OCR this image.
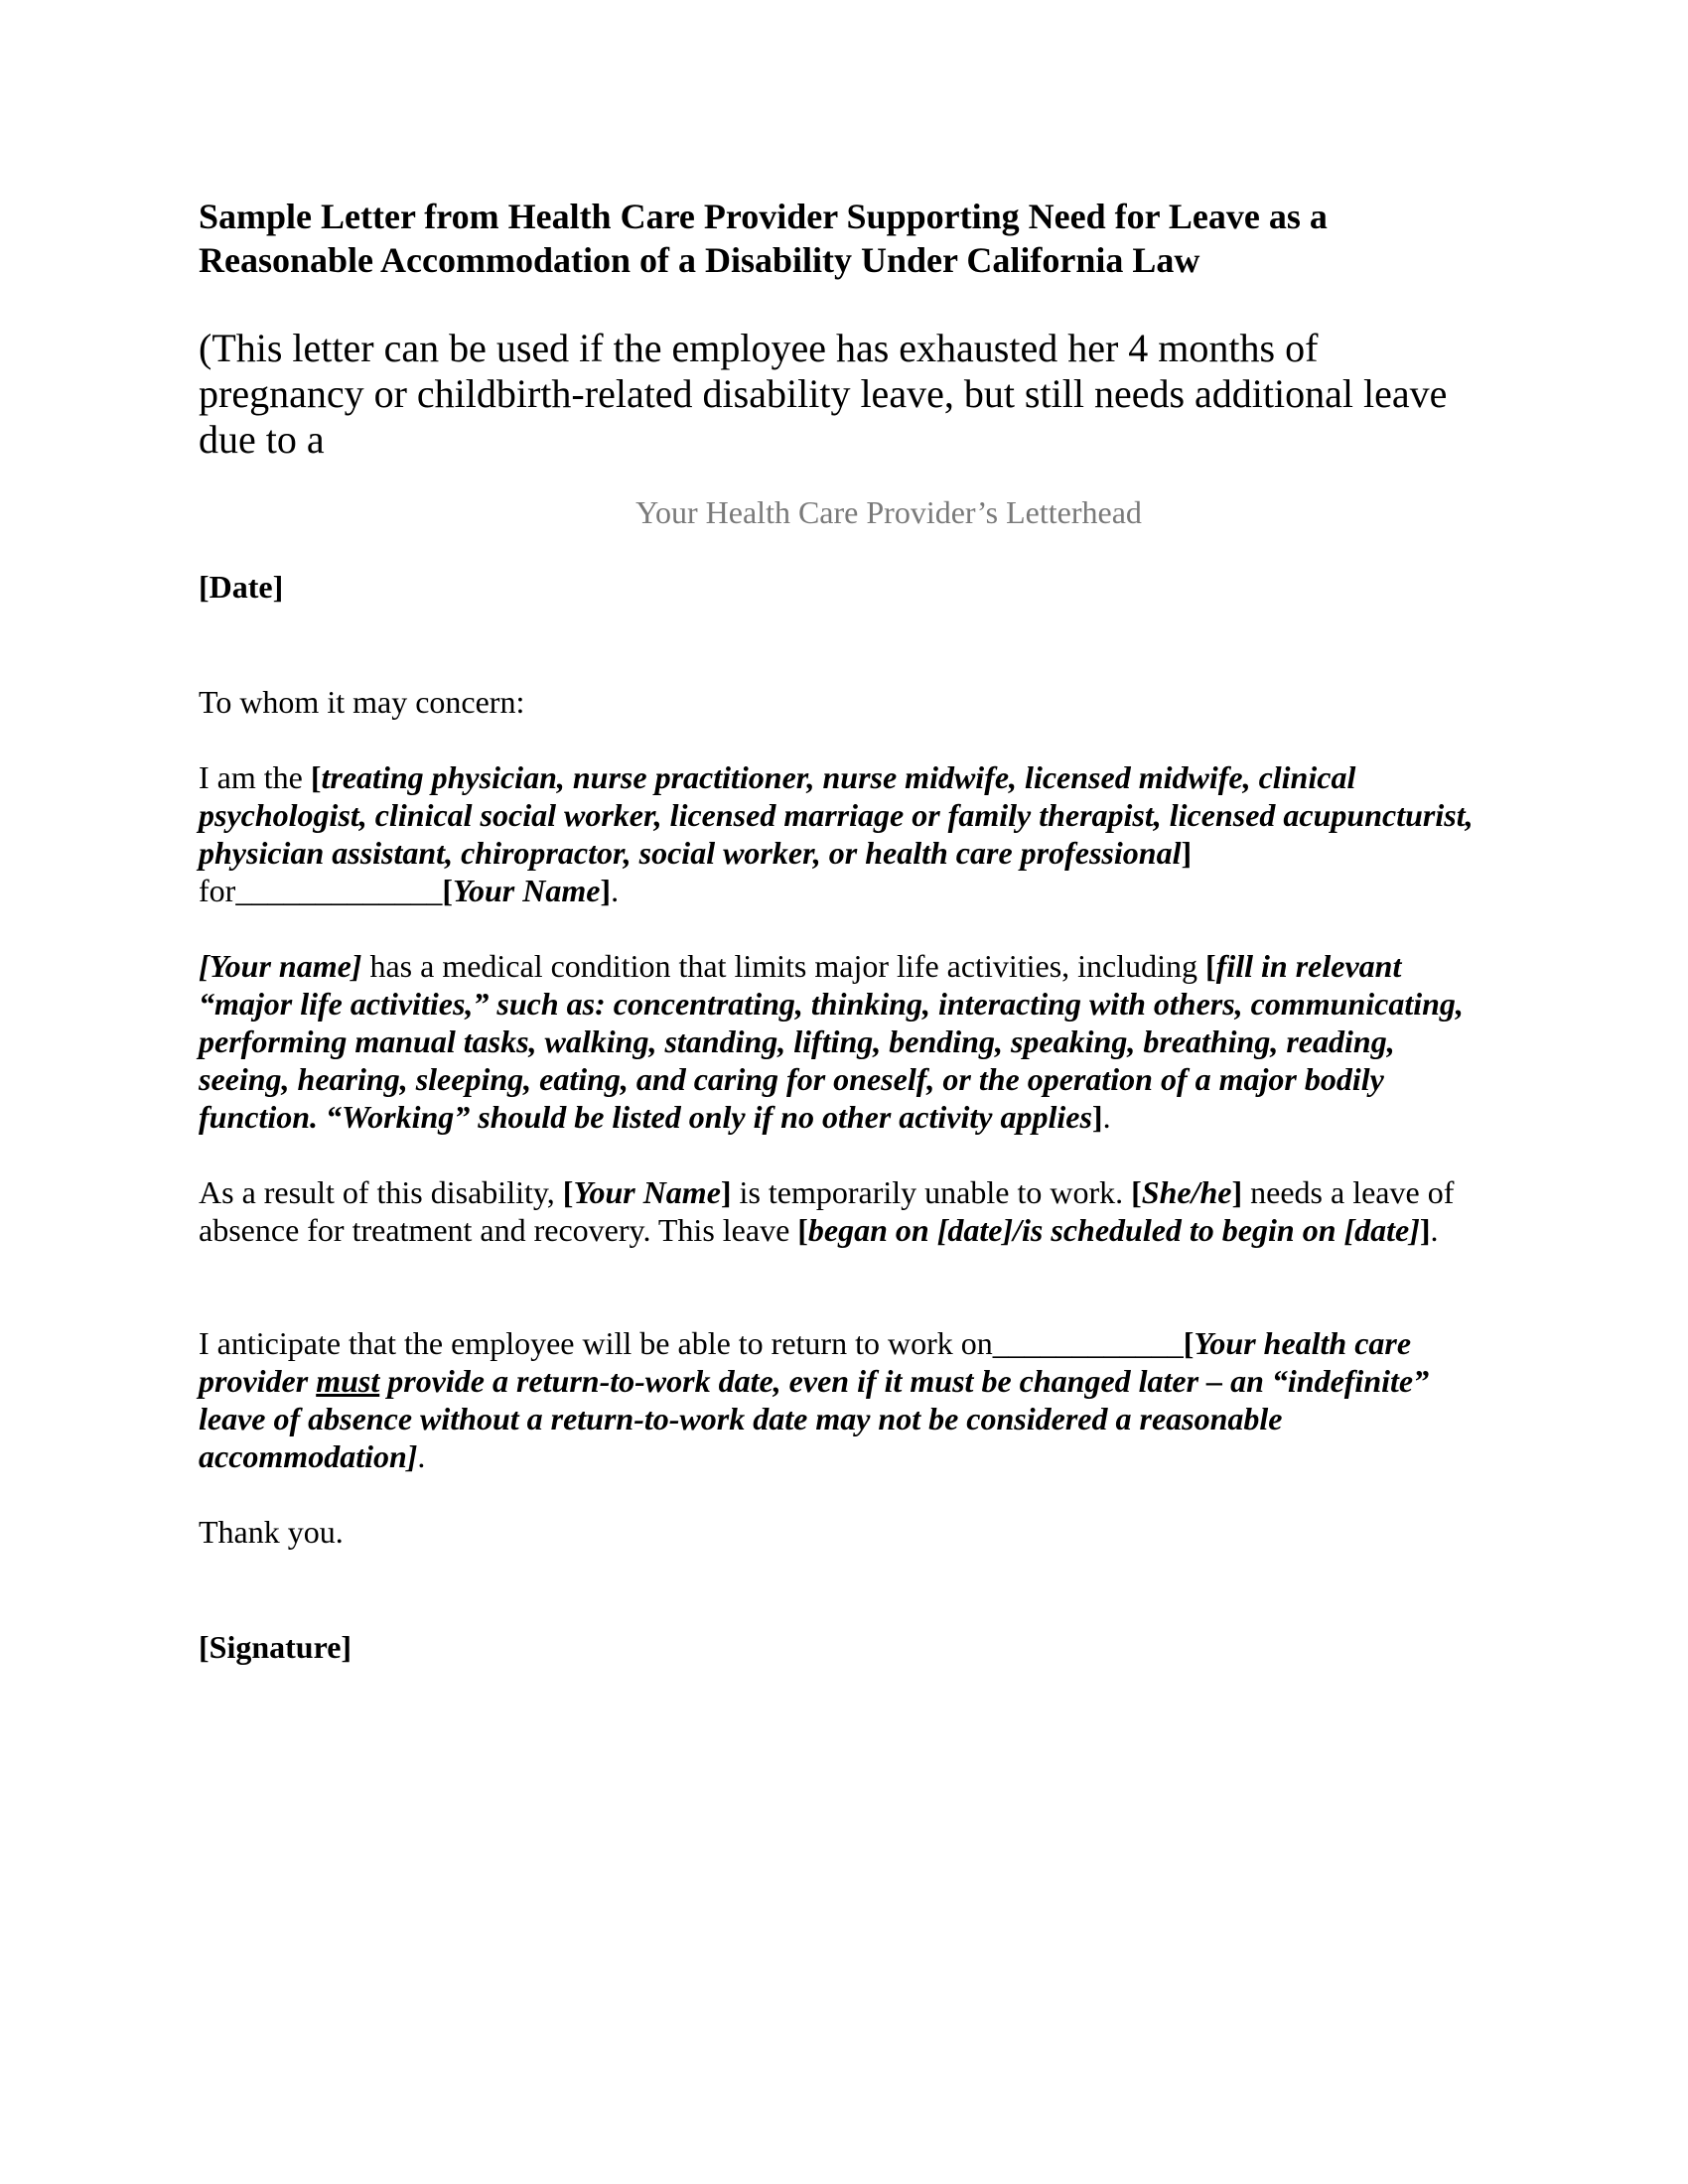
Sample Letter from Health Care Provider Supporting Need for Leave as a Reasonable Accommodation of a Disability Under California Law

(This letter can be used if the employee has exhausted her 4 months of pregnancy or childbirth-related disability leave, but still needs additional leave due to a

Your Health Care Provider’s Letterhead

[Date]

To whom it may concern:

I am the [treating physician, nurse practitioner, nurse midwife, licensed midwife, clinical psychologist, clinical social worker, licensed marriage or family therapist, licensed acupuncturist, physician assistant, chiropractor, social worker, or health care professional] for_____________[Your Name].

[Your name] has a medical condition that limits major life activities, including [fill in relevant “major life activities,” such as: concentrating, thinking, interacting with others, communicating, performing manual tasks, walking, standing, lifting, bending, speaking, breathing, reading, seeing, hearing, sleeping, eating, and caring for oneself, or the operation of a major bodily function. “Working” should be listed only if no other activity applies].

As a result of this disability, [Your Name] is temporarily unable to work. [She/he] needs a leave of absence for treatment and recovery. This leave [began on [date]/is scheduled to begin on [date]].

I anticipate that the employee will be able to return to work on____________[Your health care provider must provide a return-to-work date, even if it must be changed later – an “indefinite” leave of absence without a return-to-work date may not be considered a reasonable accommodation].

Thank you.

[Signature]
